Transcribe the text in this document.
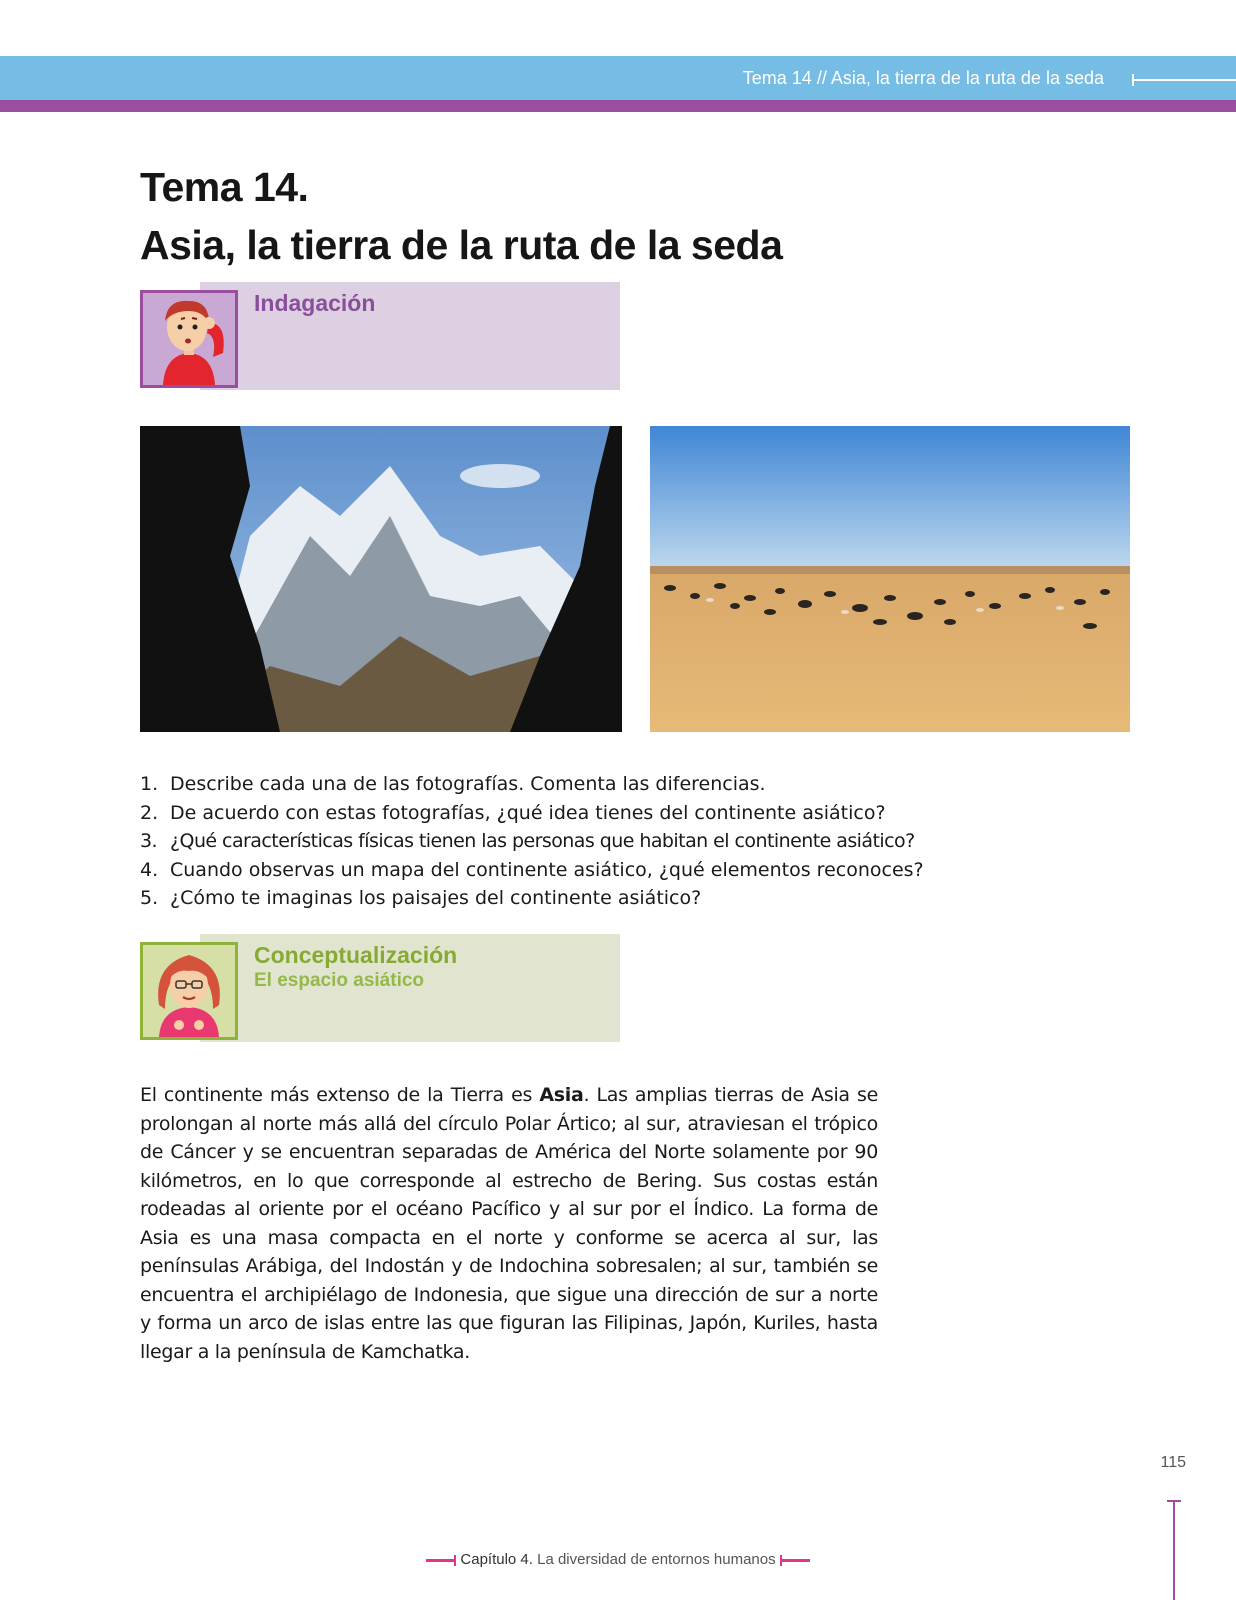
Tema 14 // Asia, la tierra de la ruta de la seda
Tema 14.
Asia, la tierra de la ruta de la seda
Indagación
1. Describe cada una de las fotografías. Comenta las diferencias.
2. De acuerdo con estas fotografías, ¿qué idea tienes del continente asiático?
3. ¿Qué características físicas tienen las personas que habitan el continente asiático?
4. Cuando observas un mapa del continente asiático, ¿qué elementos reconoces?
5. ¿Cómo te imaginas los paisajes del continente asiático?
Conceptualización
El espacio asiático

El continente más extenso de la Tierra es Asia. Las amplias tierras de Asia se prolongan al norte más allá del círculo Polar Ártico; al sur, atraviesan el trópico de Cáncer y se encuentran separadas de América del Norte solamente por 90 kilómetros, en lo que corresponde al estrecho de Bering. Sus costas están rodeadas al oriente por el océano Pacífico y al sur por el Índico. La forma de Asia es una masa compacta en el norte y conforme se acerca al sur, las penínsulas Arábiga, del Indostán y de Indochina sobresalen; al sur, también se encuentra el archipiélago de Indonesia, que sigue una dirección de sur a norte y forma un arco de islas entre las que figuran las Filipinas, Japón, Kuriles, hasta llegar a la península de Kamchatka.

115
Capítulo 4. La diversidad de entornos humanos
